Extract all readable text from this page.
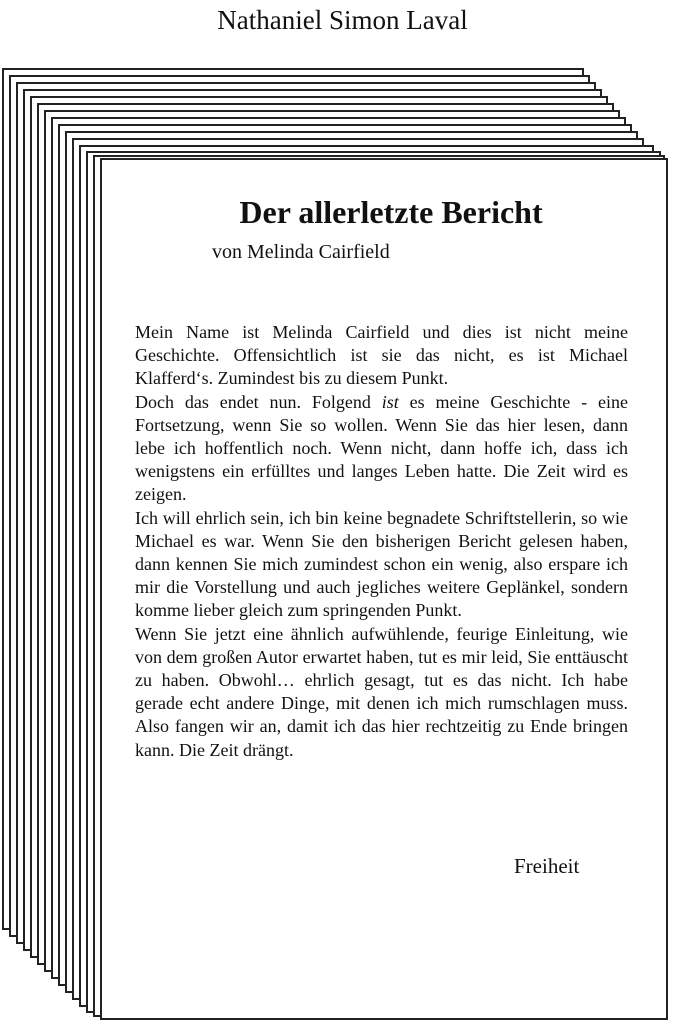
Nathaniel Simon Laval
Der allerletzte Bericht
von Melinda Cairfield

Mein Name ist Melinda Cairfield und dies ist nicht meine Geschichte. Offensichtlich ist sie das nicht, es ist Michael Klafferd‘s. Zumindest bis zu diesem Punkt.

Doch das endet nun. Folgend ist es meine Geschichte - eine Fortsetzung, wenn Sie so wollen. Wenn Sie das hier lesen, dann lebe ich hoffentlich noch. Wenn nicht, dann hoffe ich, dass ich wenigstens ein erfülltes und langes Leben hatte. Die Zeit wird es zeigen.

Ich will ehrlich sein, ich bin keine begnadete Schriftstellerin, so wie Michael es war. Wenn Sie den bisherigen Bericht gelesen haben, dann kennen Sie mich zumindest schon ein wenig, also erspare ich mir die Vorstellung und auch jegliches weitere Geplänkel, sondern komme lieber gleich zum springenden Punkt.

Wenn Sie jetzt eine ähnlich aufwühlende, feurige Einleitung, wie von dem großen Autor erwartet haben, tut es mir leid, Sie enttäuscht zu haben. Obwohl… ehrlich gesagt, tut es das nicht. Ich habe gerade echt andere Dinge, mit denen ich mich rumschlagen muss. Also fangen wir an, damit ich das hier rechtzeitig zu Ende bringen kann. Die Zeit drängt.

Freiheit
